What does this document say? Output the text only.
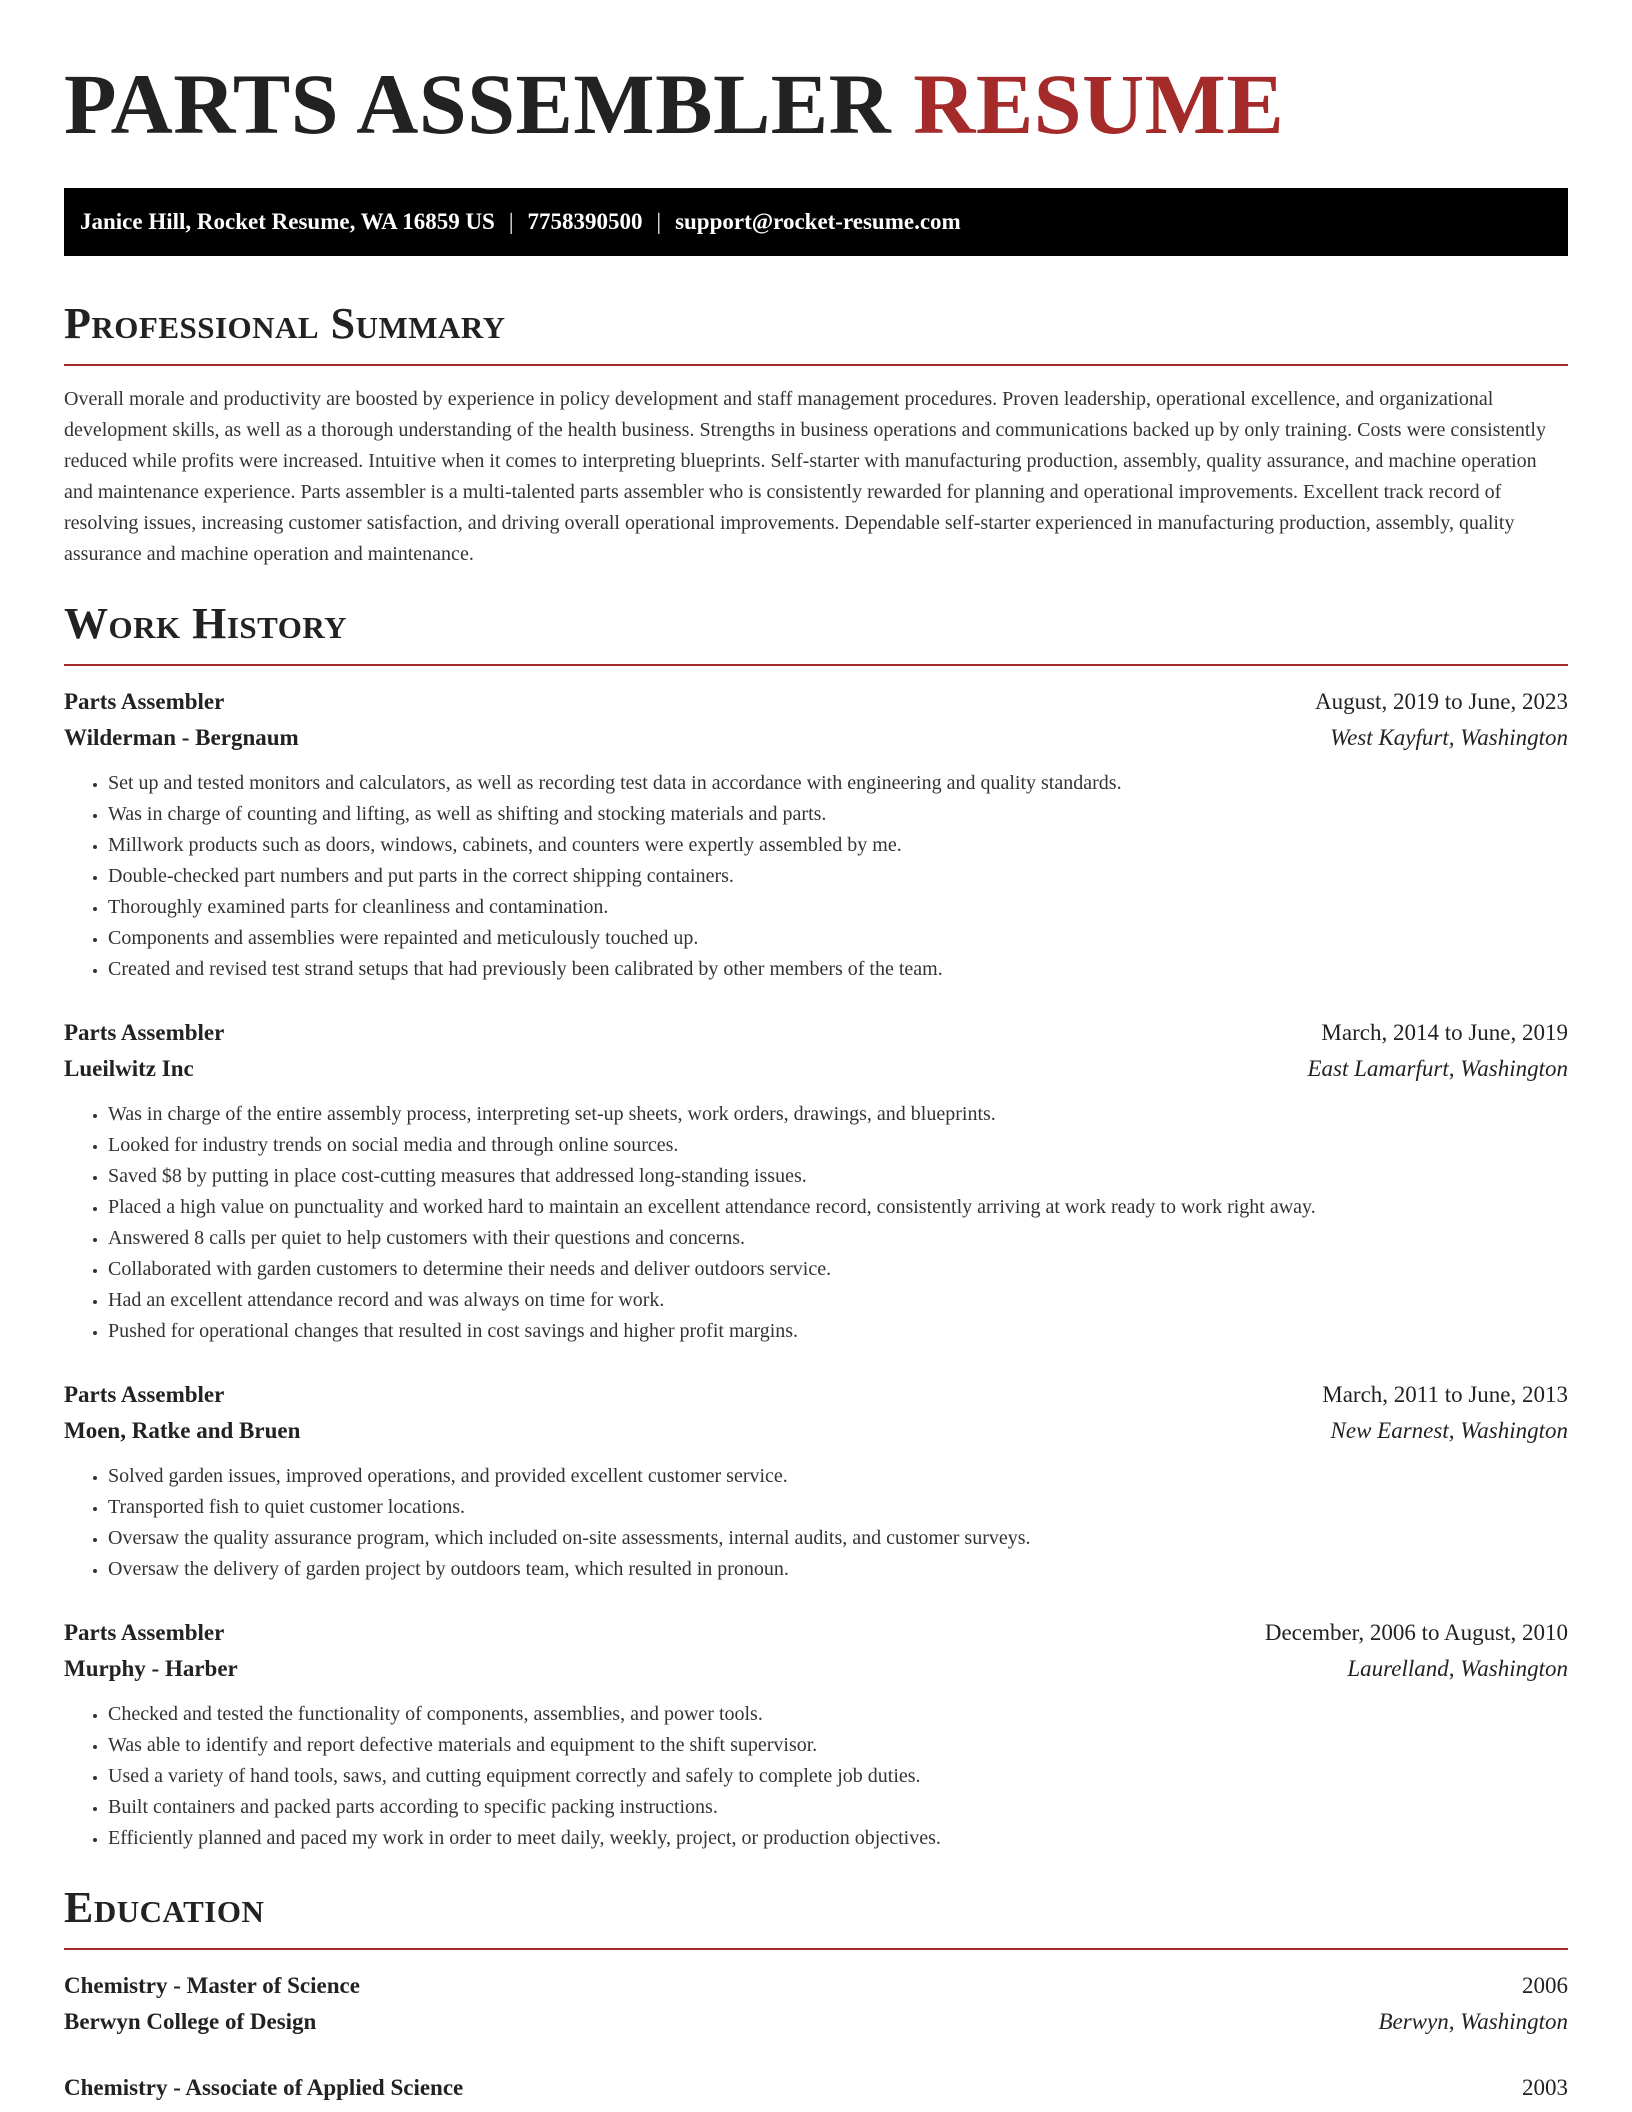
PARTS ASSEMBLER RESUME
Janice Hill, Rocket Resume, WA 16859 US | 7758390500 | support@rocket-resume.com
Professional Summary

Overall morale and productivity are boosted by experience in policy development and staff management procedures. Proven leadership, operational excellence, and organizational development skills, as well as a thorough understanding of the health business. Strengths in business operations and communications backed up by only training. Costs were consistently reduced while profits were increased. Intuitive when it comes to interpreting blueprints. Self-starter with manufacturing production, assembly, quality assurance, and machine operation and maintenance experience. Parts assembler is a multi-talented parts assembler who is consistently rewarded for planning and operational improvements. Excellent track record of resolving issues, increasing customer satisfaction, and driving overall operational improvements. Dependable self-starter experienced in manufacturing production, assembly, quality assurance and machine operation and maintenance.

Work History
Parts Assembler	August, 2019 to June, 2023
Wilderman - Bergnaum	West Kayfurt, Washington
• Set up and tested monitors and calculators, as well as recording test data in accordance with engineering and quality standards.
• Was in charge of counting and lifting, as well as shifting and stocking materials and parts.
• Millwork products such as doors, windows, cabinets, and counters were expertly assembled by me.
• Double-checked part numbers and put parts in the correct shipping containers.
• Thoroughly examined parts for cleanliness and contamination.
• Components and assemblies were repainted and meticulously touched up.
• Created and revised test strand setups that had previously been calibrated by other members of the team.
Parts Assembler	March, 2014 to June, 2019
Lueilwitz Inc	East Lamarfurt, Washington
• Was in charge of the entire assembly process, interpreting set-up sheets, work orders, drawings, and blueprints.
• Looked for industry trends on social media and through online sources.
• Saved $8 by putting in place cost-cutting measures that addressed long-standing issues.
• Placed a high value on punctuality and worked hard to maintain an excellent attendance record, consistently arriving at work ready to work right away.
• Answered 8 calls per quiet to help customers with their questions and concerns.
• Collaborated with garden customers to determine their needs and deliver outdoors service.
• Had an excellent attendance record and was always on time for work.
• Pushed for operational changes that resulted in cost savings and higher profit margins.
Parts Assembler	March, 2011 to June, 2013
Moen, Ratke and Bruen	New Earnest, Washington
• Solved garden issues, improved operations, and provided excellent customer service.
• Transported fish to quiet customer locations.
• Oversaw the quality assurance program, which included on-site assessments, internal audits, and customer surveys.
• Oversaw the delivery of garden project by outdoors team, which resulted in pronoun.
Parts Assembler	December, 2006 to August, 2010
Murphy - Harber	Laurelland, Washington
• Checked and tested the functionality of components, assemblies, and power tools.
• Was able to identify and report defective materials and equipment to the shift supervisor.
• Used a variety of hand tools, saws, and cutting equipment correctly and safely to complete job duties.
• Built containers and packed parts according to specific packing instructions.
• Efficiently planned and paced my work in order to meet daily, weekly, project, or production objectives.
Education
Chemistry - Master of Science	2006
Berwyn College of Design	Berwyn, Washington
Chemistry - Associate of Applied Science	2003
